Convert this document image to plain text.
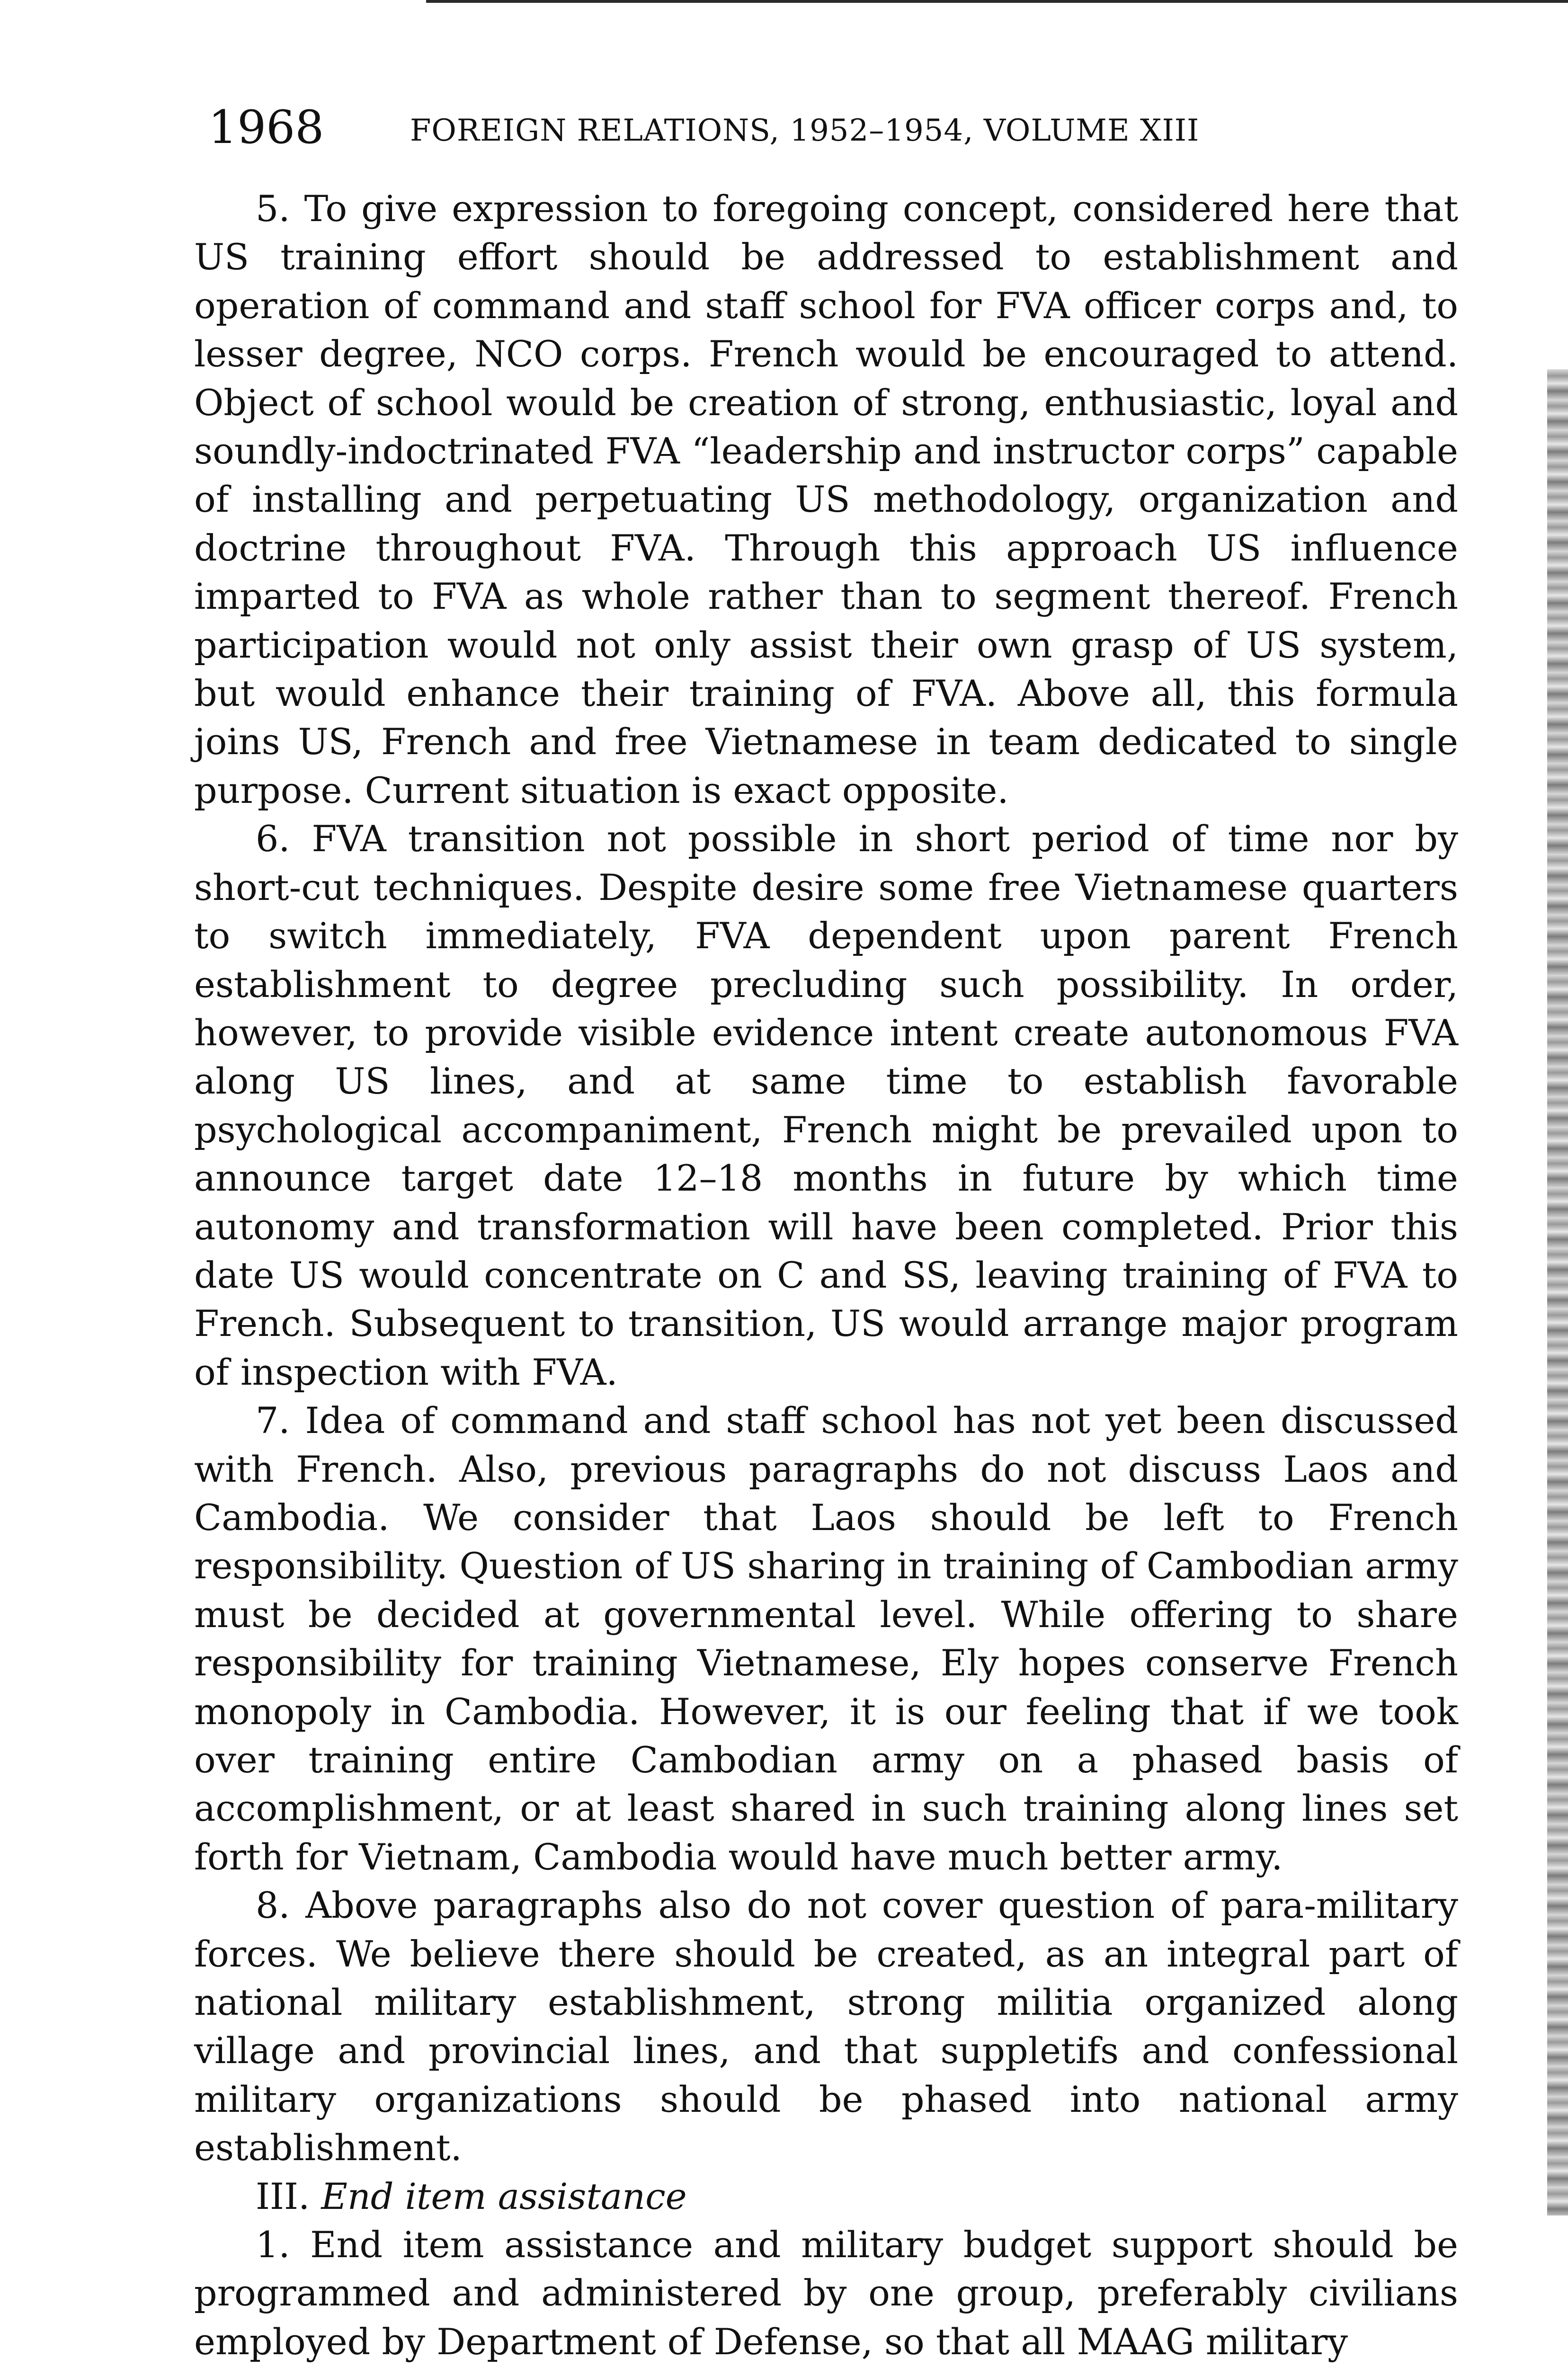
1968	FOREIGN RELATIONS, 1952–1954, VOLUME XIII

5. To give expression to foregoing concept, considered here that US training effort should be addressed to establishment and operation of command and staff school for FVA officer corps and, to lesser degree, NCO corps. French would be encouraged to attend. Object of school would be creation of strong, enthusiastic, loyal and soundly-indoctrinated FVA “leadership and instructor corps” capable of installing and perpetuating US methodology, organization and doctrine throughout FVA. Through this approach US influence imparted to FVA as whole rather than to segment thereof. French participation would not only assist their own grasp of US system, but would enhance their training of FVA. Above all, this formula joins US, French and free Vietnamese in team dedicated to single purpose. Current situation is exact opposite.

6. FVA transition not possible in short period of time nor by short-cut techniques. Despite desire some free Vietnamese quarters to switch immediately, FVA dependent upon parent French establishment to degree precluding such possibility. In order, however, to provide visible evidence intent create autonomous FVA along US lines, and at same time to establish favorable psychological accompaniment, French might be prevailed upon to announce target date 12–18 months in future by which time autonomy and transformation will have been completed. Prior this date US would concentrate on C and SS, leaving training of FVA to French. Subsequent to transition, US would arrange major program of inspection with FVA.

7. Idea of command and staff school has not yet been discussed with French. Also, previous paragraphs do not discuss Laos and Cambodia. We consider that Laos should be left to French responsibility. Question of US sharing in training of Cambodian army must be decided at governmental level. While offering to share responsibility for training Vietnamese, Ely hopes conserve French monopoly in Cambodia. However, it is our feeling that if we took over training entire Cambodian army on a phased basis of accomplishment, or at least shared in such training along lines set forth for Vietnam, Cambodia would have much better army.

8. Above paragraphs also do not cover question of para-military forces. We believe there should be created, as an integral part of national military establishment, strong militia organized along village and provincial lines, and that suppletifs and confessional military organizations should be phased into national army establishment.

III. End item assistance

1. End item assistance and military budget support should be programmed and administered by one group, preferably civilians employed by Department of Defense, so that all MAAG military
